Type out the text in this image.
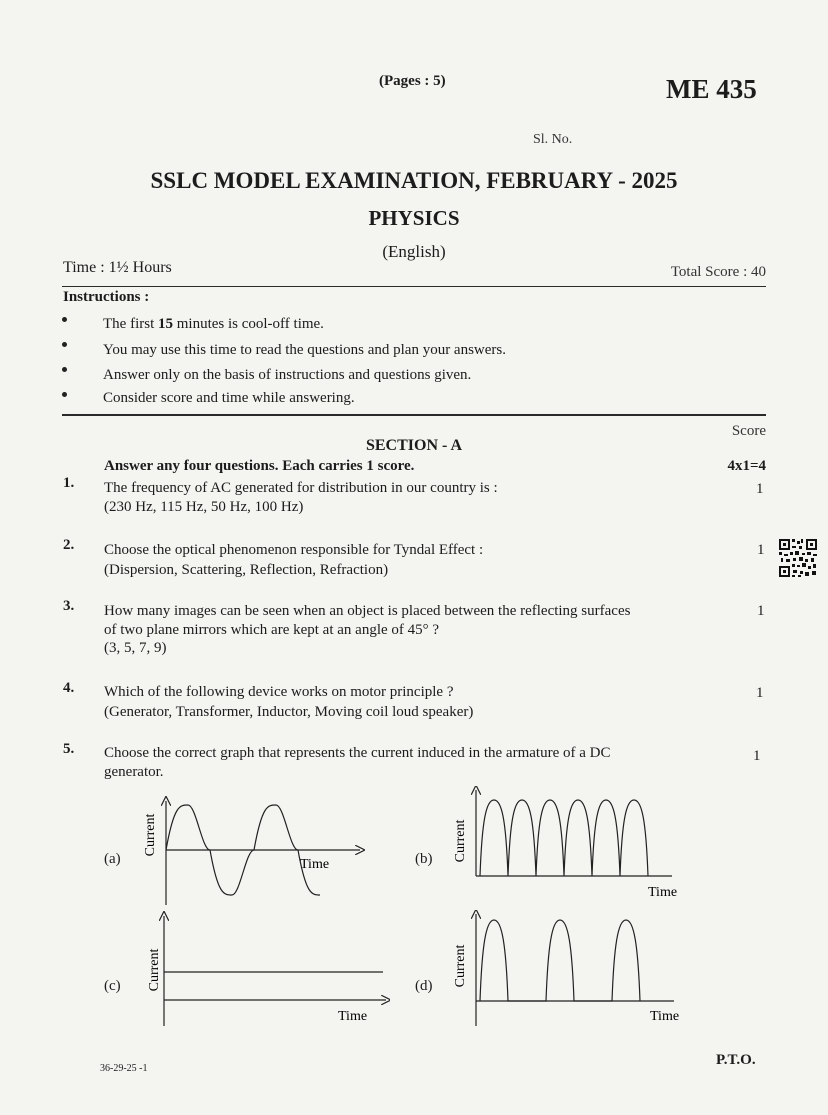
(Pages : 5)	ME 435
Sl. No.
SSLC MODEL EXAMINATION, FEBRUARY - 2025
PHYSICS
(English)
Time : 1½ Hours	Total Score : 40
Instructions :
The first 15 minutes is cool-off time.
You may use this time to read the questions and plan your answers.
Answer only on the basis of instructions and questions given.
Consider score and time while answering.
Score
SECTION - A
Answer any four questions. Each carries 1 score.	4x1=4
1. The frequency of AC generated for distribution in our country is :
(230 Hz, 115 Hz, 50 Hz, 100 Hz)
1
2. Choose the optical phenomenon responsible for Tyndal Effect :
(Dispersion, Scattering, Reflection, Refraction)
1
3. How many images can be seen when an object is placed between the reflecting surfaces
of two plane mirrors which are kept at an angle of 45° ?
(3, 5, 7, 9)
1
4. Which of the following device works on motor principle ?
(Generator, Transformer, Inductor, Moving coil loud speaker)
1
5. Choose the correct graph that represents the current induced in the armature of a DC
generator.
1
(a)
Current
Time	(b) Current
Time
(c) Current
Time
(d) Current
Time
36-29-25 -1
P.T.O.
